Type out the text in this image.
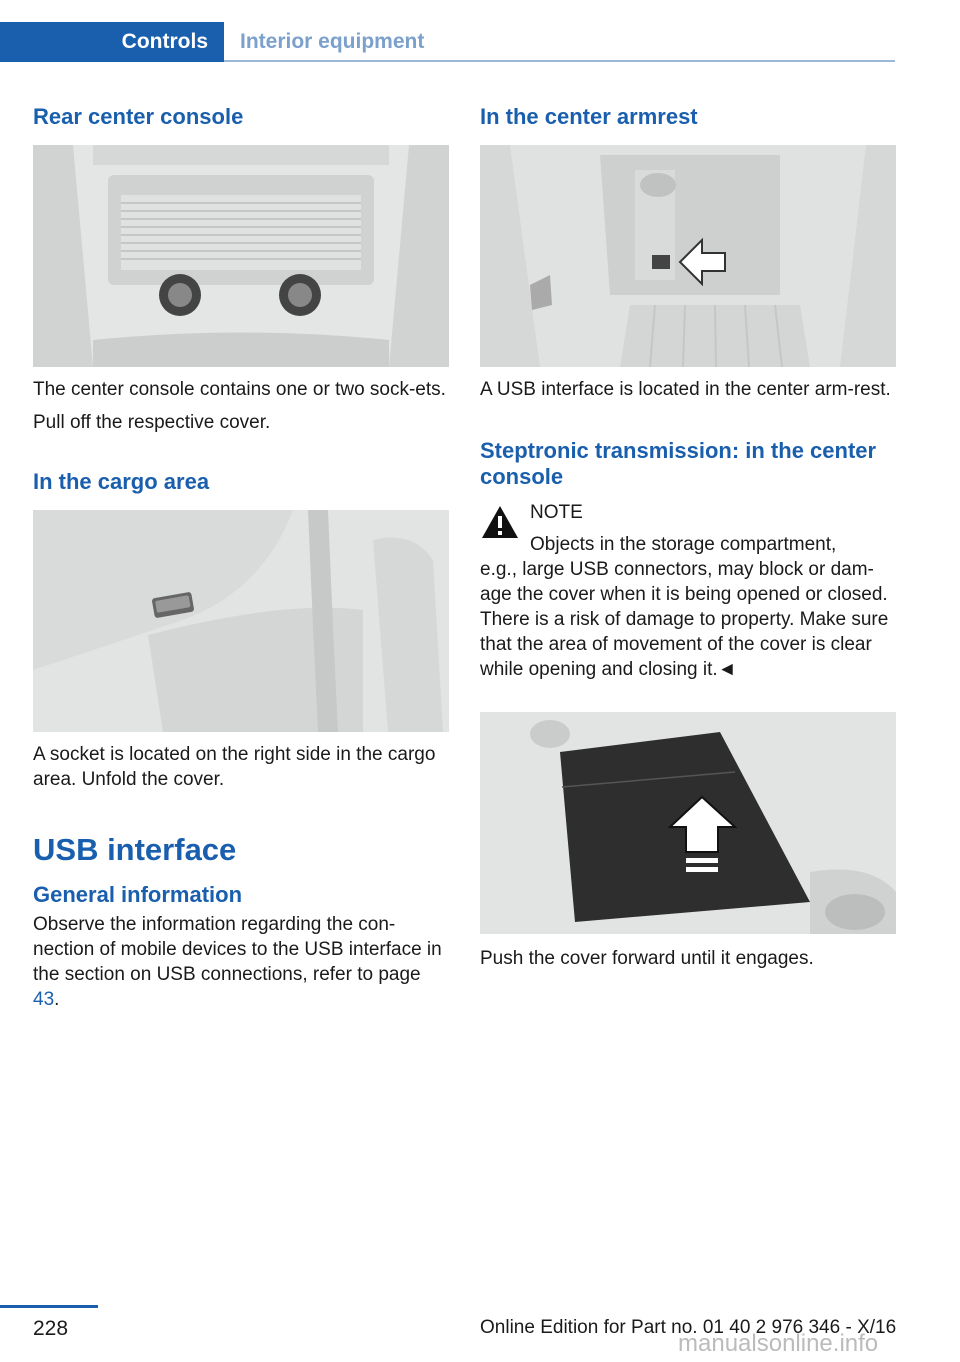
Controls	Interior equipment
Rear center console

The center console contains one or two sock-ets.

Pull off the respective cover.

In the cargo area

A socket is located on the right side in the cargo area. Unfold the cover.

USB interface
General information

Observe the information regarding the con-nection of mobile devices to the USB interface in the section on USB connections, refer to page 43.

In the center armrest

A USB interface is located in the center arm-rest.

Steptronic transmission: in the center console

NOTE

Objects in the storage compartment,

e.g., large USB connectors, may block or dam-age the cover when it is being opened or closed. There is a risk of damage to property. Make sure that the area of movement of the cover is clear while opening and closing it.◄

Push the cover forward until it engages.

228	Online Edition for Part no. 01 40 2 976 346 - X/16
manualsonline.info
